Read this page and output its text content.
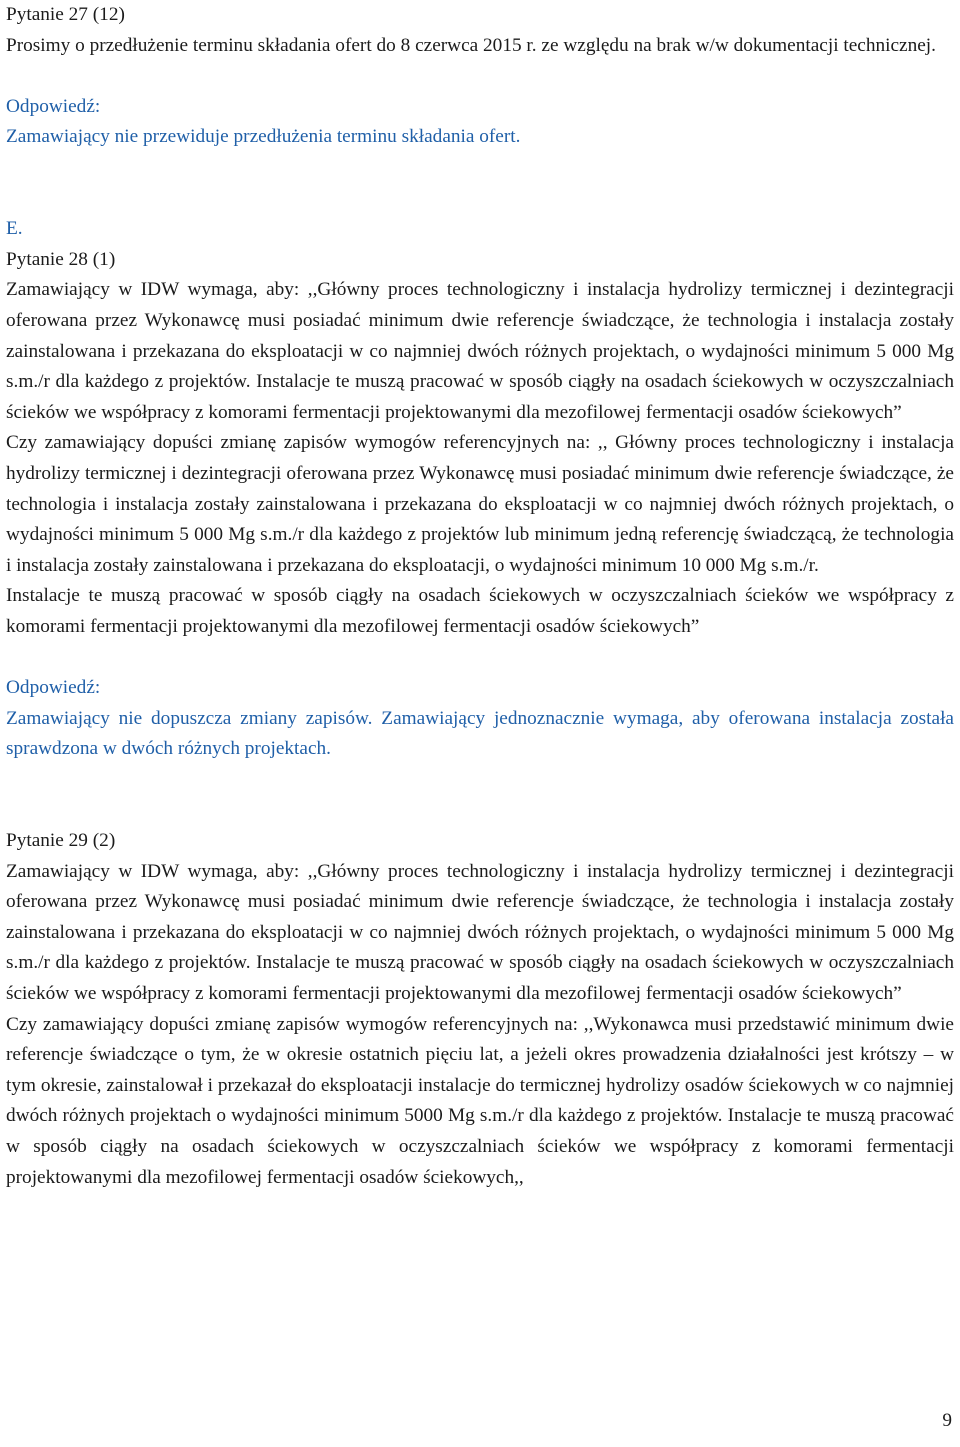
Pytanie 27 (12)

Prosimy o przedłużenie terminu składania ofert do 8 czerwca 2015 r. ze względu na brak w/w dokumentacji technicznej.

Odpowiedź:

Zamawiający nie przewiduje przedłużenia terminu składania ofert.

E.

Pytanie 28 (1)

Zamawiający w IDW wymaga, aby: ,,Główny proces technologiczny i instalacja hydrolizy termicznej i dezintegracji oferowana przez Wykonawcę musi posiadać minimum dwie referencje świadczące, że technologia i instalacja zostały zainstalowana i przekazana do eksploatacji w co najmniej dwóch różnych projektach, o wydajności minimum 5 000 Mg s.m./r dla każdego z projektów. Instalacje te muszą pracować w sposób ciągły na osadach ściekowych w oczyszczalniach ścieków we współpracy z komorami fermentacji projektowanymi dla mezofilowej fermentacji osadów ściekowych”

Czy zamawiający dopuści zmianę zapisów wymogów referencyjnych na: ,, Główny proces technologiczny i instalacja hydrolizy termicznej i dezintegracji oferowana przez Wykonawcę musi posiadać minimum dwie referencje świadczące, że technologia i instalacja zostały zainstalowana i przekazana do eksploatacji w co najmniej dwóch różnych projektach, o wydajności minimum 5 000 Mg s.m./r dla każdego z projektów lub minimum jedną referencję świadczącą, że technologia i instalacja zostały zainstalowana i przekazana do eksploatacji, o wydajności minimum 10 000 Mg s.m./r.

Instalacje te muszą pracować w sposób ciągły na osadach ściekowych w oczyszczalniach ścieków we współpracy z komorami fermentacji projektowanymi dla mezofilowej fermentacji osadów ściekowych”

Odpowiedź:

Zamawiający nie dopuszcza zmiany zapisów. Zamawiający jednoznacznie wymaga, aby oferowana instalacja została sprawdzona w dwóch różnych projektach.

Pytanie 29 (2)

Zamawiający w IDW wymaga, aby: ,,Główny proces technologiczny i instalacja hydrolizy termicznej i dezintegracji oferowana przez Wykonawcę musi posiadać minimum dwie referencje świadczące, że technologia i instalacja zostały zainstalowana i przekazana do eksploatacji w co najmniej dwóch różnych projektach, o wydajności minimum 5 000 Mg s.m./r dla każdego z projektów. Instalacje te muszą pracować w sposób ciągły na osadach ściekowych w oczyszczalniach ścieków we współpracy z komorami fermentacji projektowanymi dla mezofilowej fermentacji osadów ściekowych”

Czy zamawiający dopuści zmianę zapisów wymogów referencyjnych na: ,,Wykonawca musi przedstawić minimum dwie referencje świadczące o tym, że w okresie ostatnich pięciu lat, a jeżeli okres prowadzenia działalności jest krótszy – w tym okresie, zainstalował i przekazał do eksploatacji instalacje do termicznej hydrolizy osadów ściekowych w co najmniej dwóch różnych projektach o wydajności minimum 5000 Mg s.m./r dla każdego z projektów. Instalacje te muszą pracować w sposób ciągły na osadach ściekowych w oczyszczalniach ścieków we współpracy z komorami fermentacji projektowanymi dla mezofilowej fermentacji osadów ściekowych,,

9
